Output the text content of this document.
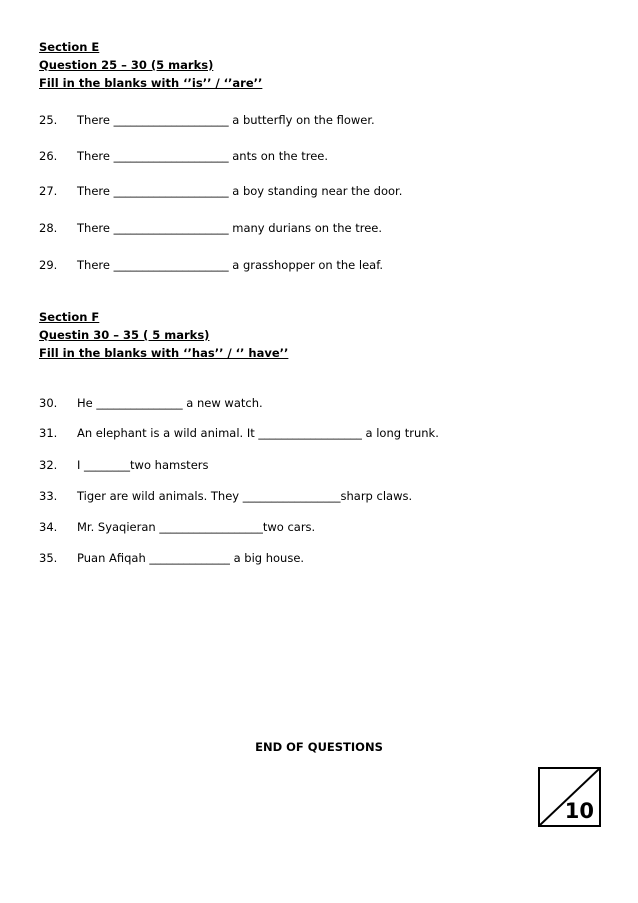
Section E
Question 25 – 30 (5 marks)
Fill in the blanks with ‘’is’’ / ‘’are’’
25. There ____________________ a butterfly on the flower.
26. There ____________________ ants on the tree.
27. There ____________________ a boy standing near the door.
28. There ____________________ many durians on the tree.
29. There ____________________ a grasshopper on the leaf.
Section F
Questin 30 – 35 ( 5 marks)
Fill in the blanks with ‘’has’’ / ‘’ have’’
30. He _______________ a new watch.
31. An elephant is a wild animal. It __________________ a long trunk.
32. I ________two hamsters
33. Tiger are wild animals. They _________________sharp claws.
34. Mr. Syaqieran __________________two cars.
35. Puan Afiqah ______________ a big house.
END OF QUESTIONS
10
